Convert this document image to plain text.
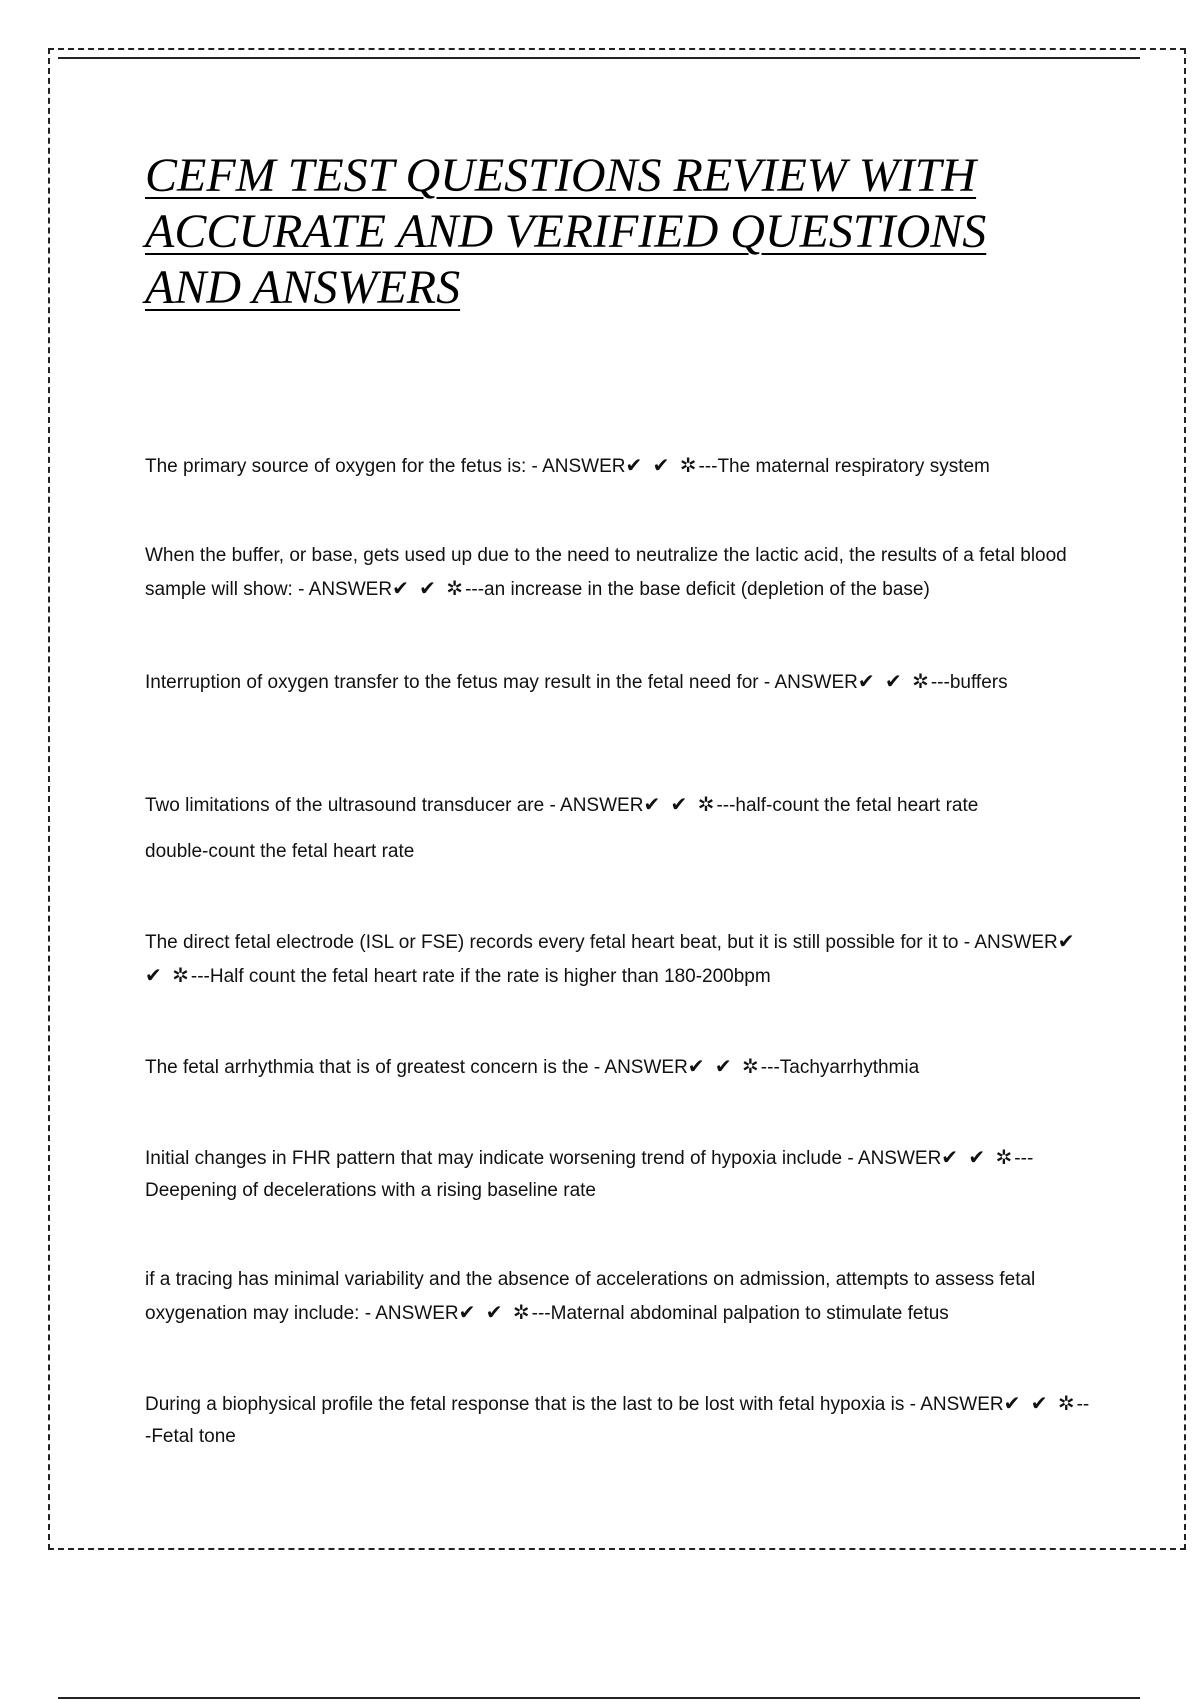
CEFM TEST QUESTIONS REVIEW WITH ACCURATE AND VERIFIED QUESTIONS AND ANSWERS

The primary source of oxygen for the fetus is: - ANSWER✔ ✔ ✲---The maternal respiratory system

When the buffer, or base, gets used up due to the need to neutralize the lactic acid, the results of a fetal blood sample will show: - ANSWER✔ ✔ ✲---an increase in the base deficit (depletion of the base)

Interruption of oxygen transfer to the fetus may result in the fetal need for - ANSWER✔ ✔ ✲---buffers

Two limitations of the ultrasound transducer are - ANSWER✔ ✔ ✲---half-count the fetal heart rate
double-count the fetal heart rate

The direct fetal electrode (ISL or FSE) records every fetal heart beat, but it is still possible for it to - ANSWER✔ ✔ ✲---Half count the fetal heart rate if the rate is higher than 180-200bpm

The fetal arrhythmia that is of greatest concern is the - ANSWER✔ ✔ ✲---Tachyarrhythmia

Initial changes in FHR pattern that may indicate worsening trend of hypoxia include - ANSWER✔ ✔ ✲---Deepening of decelerations with a rising baseline rate

if a tracing has minimal variability and the absence of accelerations on admission, attempts to assess fetal oxygenation may include: - ANSWER✔ ✔ ✲---Maternal abdominal palpation to stimulate fetus

During a biophysical profile the fetal response that is the last to be lost with fetal hypoxia is - ANSWER✔ ✔ ✲---Fetal tone
